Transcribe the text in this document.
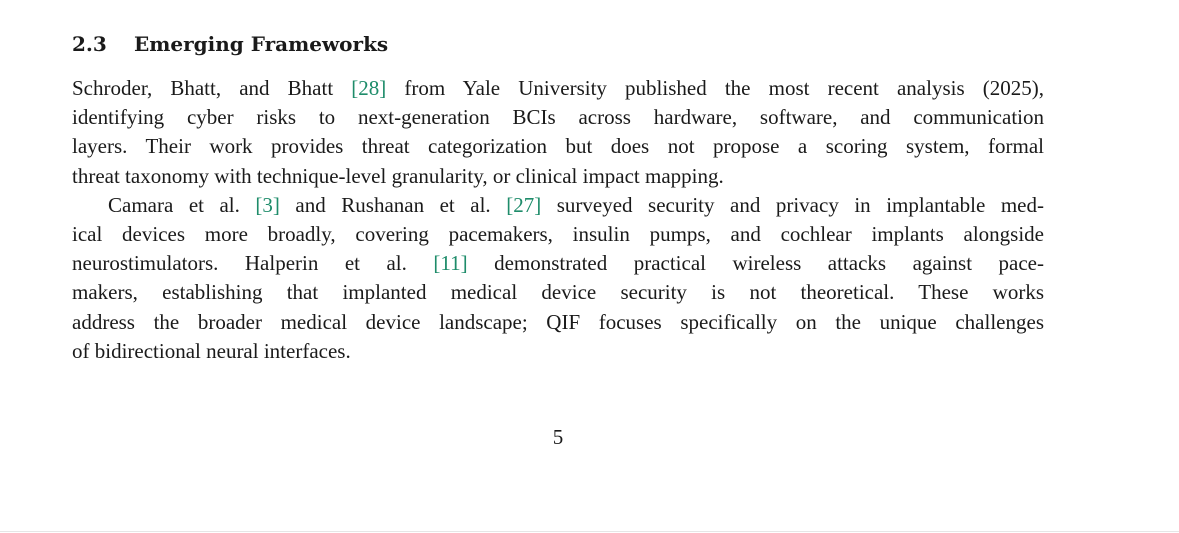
2.3 Emerging Frameworks
Schroder, Bhatt, and Bhatt [28] from Yale University published the most recent analysis (2025),
identifying cyber risks to next-generation BCIs across hardware, software, and communication
layers. Their work provides threat categorization but does not propose a scoring system, formal
threat taxonomy with technique-level granularity, or clinical impact mapping.
Camara et al. [3] and Rushanan et al. [27] surveyed security and privacy in implantable med-
ical devices more broadly, covering pacemakers, insulin pumps, and cochlear implants alongside
neurostimulators. Halperin et al. [11] demonstrated practical wireless attacks against pace-
makers, establishing that implanted medical device security is not theoretical. These works
address the broader medical device landscape; QIF focuses specifically on the unique challenges
of bidirectional neural interfaces.
5
